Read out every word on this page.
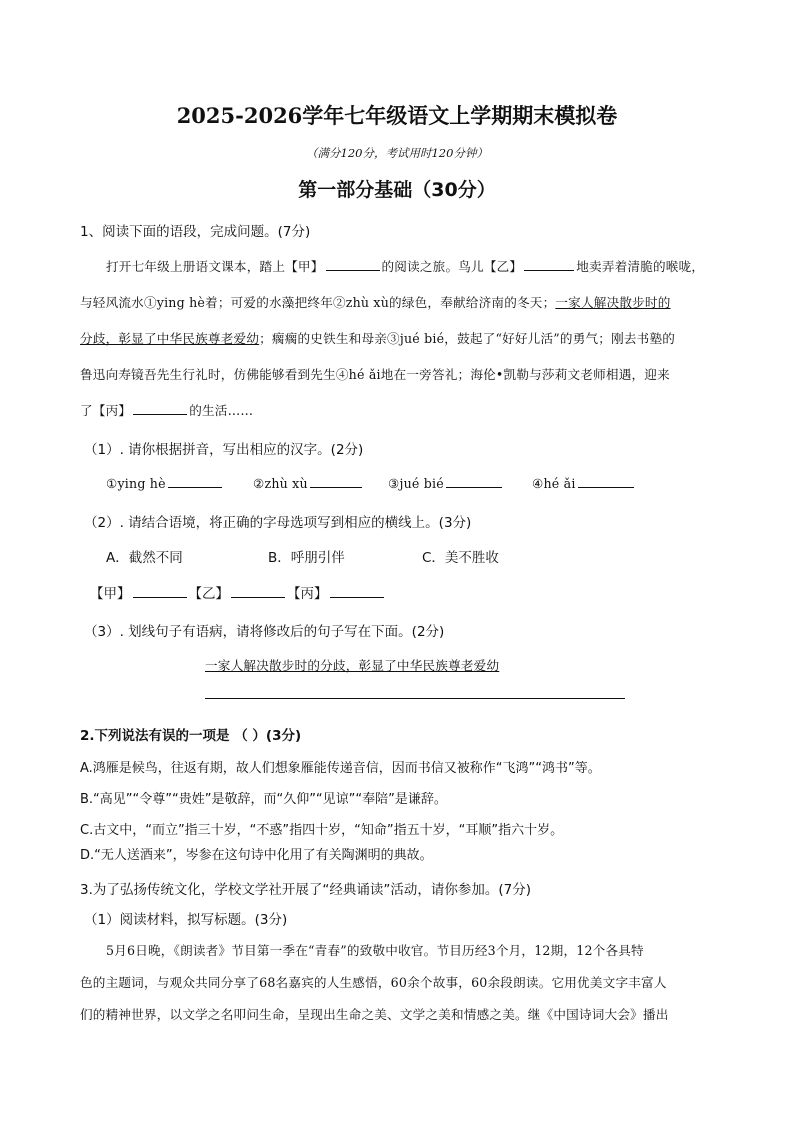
2025-2026学年七年级语文上学期期末模拟卷
（满分120分，考试用时120分钟）
第一部分基础（30分）
1、阅读下面的语段，完成问题。(7分)
打开七年级上册语文课本，踏上【甲】	的阅读之旅。鸟儿【乙】	地卖弄着清脆的喉咙，
与轻风流水①ying hè着；可爱的水藻把终年②zhù xù的绿色，奉献给济南的冬天；一家人解决散步时的
分歧，彰显了中华民族尊老爱幼；瘸瘸的史铁生和母亲③jué bié，鼓起了“好好儿活”的勇气；刚去书塾的
鲁迅向寿镜吾先生行礼时，仿佛能够看到先生④hé ǎi地在一旁答礼；海伦•凯勒与莎莉文老师相遇，迎来
了【丙】	的生活……
（1）. 请你根据拼音，写出相应的汉字。(2分)
①ying hè	②zhù xù	③jué bié	④hé ǎi
（2）. 请结合语境，将正确的字母选项写到相应的横线上。(3分)
A．截然不同	B．呼朋引伴	C．美不胜收
【甲】	【乙】	【丙】
（3）. 划线句子有语病，请将修改后的句子写在下面。(2分)
一家人解决散步时的分歧，彰显了中华民族尊老爱幼
2.下列说法有误的一项是 （ ）(3分)
A.鸿雁是候鸟，往返有期，故人们想象雁能传递音信，因而书信又被称作“飞鸿”“鸿书”等。
B.“高见”“令尊”“贵姓”是敬辞，而“久仰”“见谅”“奉陪”是谦辞。
C.古文中，“而立”指三十岁，“不惑”指四十岁，“知命”指五十岁，“耳顺”指六十岁。
D.“无人送酒来”，岑参在这句诗中化用了有关陶渊明的典故。
3.为了弘扬传统文化，学校文学社开展了“经典诵读”活动，请你参加。(7分)
（1）阅读材料，拟写标题。(3分)
5月6日晚，《朗读者》节目第一季在“青春”的致敬中收官。节目历经3个月，12期，12个各具特
色的主题词，与观众共同分享了68名嘉宾的人生感悟，60余个故事，60余段朗读。它用优美文字丰富人
们的精神世界，以文学之名叩问生命，呈现出生命之美、文学之美和情感之美。继《中国诗词大会》播出
